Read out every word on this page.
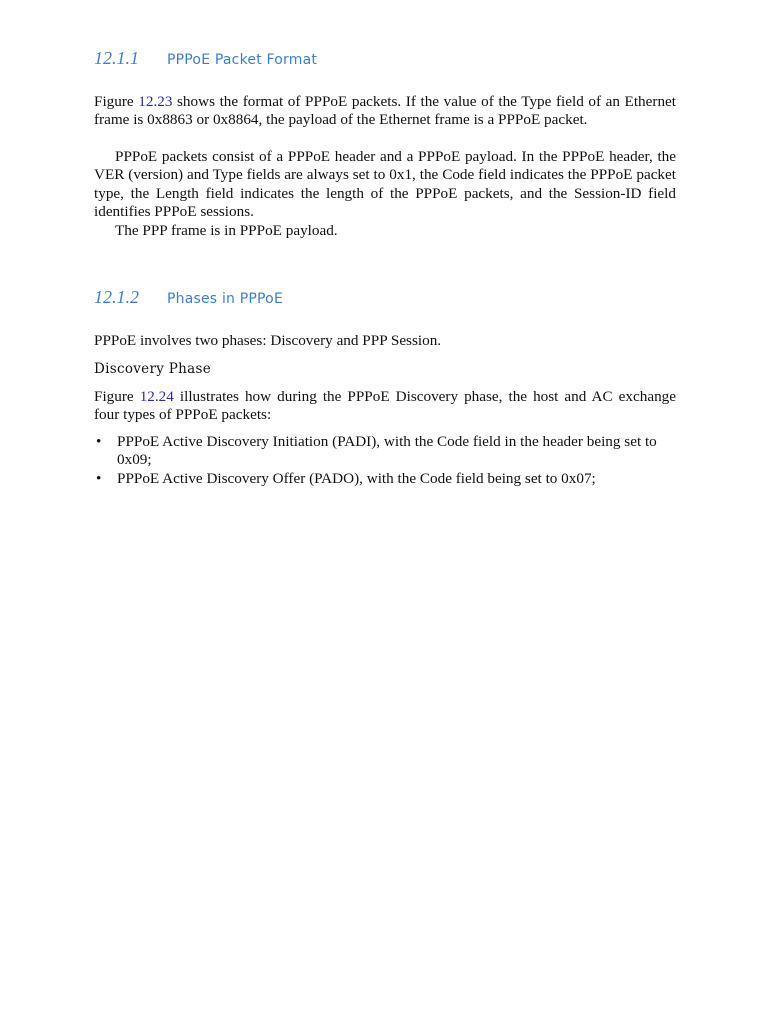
12.1.1 PPPoE Packet Format

Figure 12.23 shows the format of PPPoE packets. If the value of the Type field of an Ethernet frame is 0x8863 or 0x8864, the payload of the Ethernet frame is a PPPoE packet.

PPPoE packets consist of a PPPoE header and a PPPoE payload. In the PPPoE header, the VER (version) and Type fields are always set to 0x1, the Code field indicates the PPPoE packet type, the Length field indicates the length of the PPPoE packets, and the Session-ID field identifies PPPoE sessions.

The PPP frame is in PPPoE payload.

12.1.2 Phases in PPPoE

PPPoE involves two phases: Discovery and PPP Session.

Discovery Phase

Figure 12.24 illustrates how during the PPPoE Discovery phase, the host and AC exchange four types of PPPoE packets:

• PPPoE Active Discovery Initiation (PADI), with the Code field in the header being set to 0x09;
• PPPoE Active Discovery Offer (PADO), with the Code field being set to 0x07;
